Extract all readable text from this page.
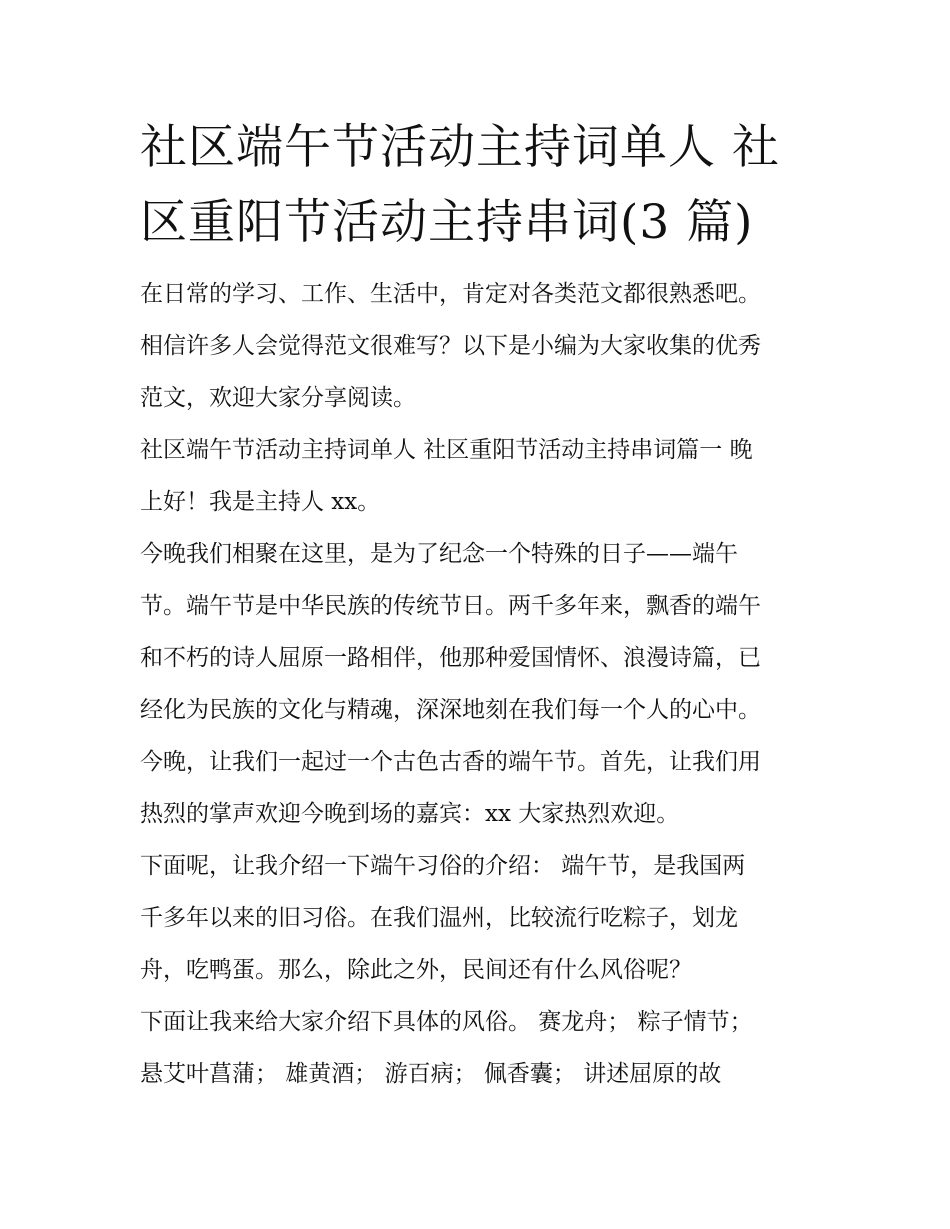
社区端午节活动主持词单人 社
区重阳节活动主持串词(3 篇)

在日常的学习、工作、生活中，肯定对各类范文都很熟悉吧。
相信许多人会觉得范文很难写？以下是小编为大家收集的优秀
范文，欢迎大家分享阅读。

社区端午节活动主持词单人 社区重阳节活动主持串词篇一 晚
上好！我是主持人 xx。

今晚我们相聚在这里，是为了纪念一个特殊的日子——端午
节。端午节是中华民族的传统节日。两千多年来，飘香的端午
和不朽的诗人屈原一路相伴，他那种爱国情怀、浪漫诗篇，已
经化为民族的文化与精魂，深深地刻在我们每一个人的心中。
今晚，让我们一起过一个古色古香的端午节。首先，让我们用
热烈的掌声欢迎今晚到场的嘉宾：xx 大家热烈欢迎。

下面呢，让我介绍一下端午习俗的介绍： 端午节，是我国两
千多年以来的旧习俗。在我们温州，比较流行吃粽子，划龙
舟，吃鸭蛋。那么，除此之外，民间还有什么风俗呢？

下面让我来给大家介绍下具体的风俗。 赛龙舟； 粽子情节；
悬艾叶菖蒲； 雄黄酒； 游百病； 佩香囊； 讲述屈原的故
